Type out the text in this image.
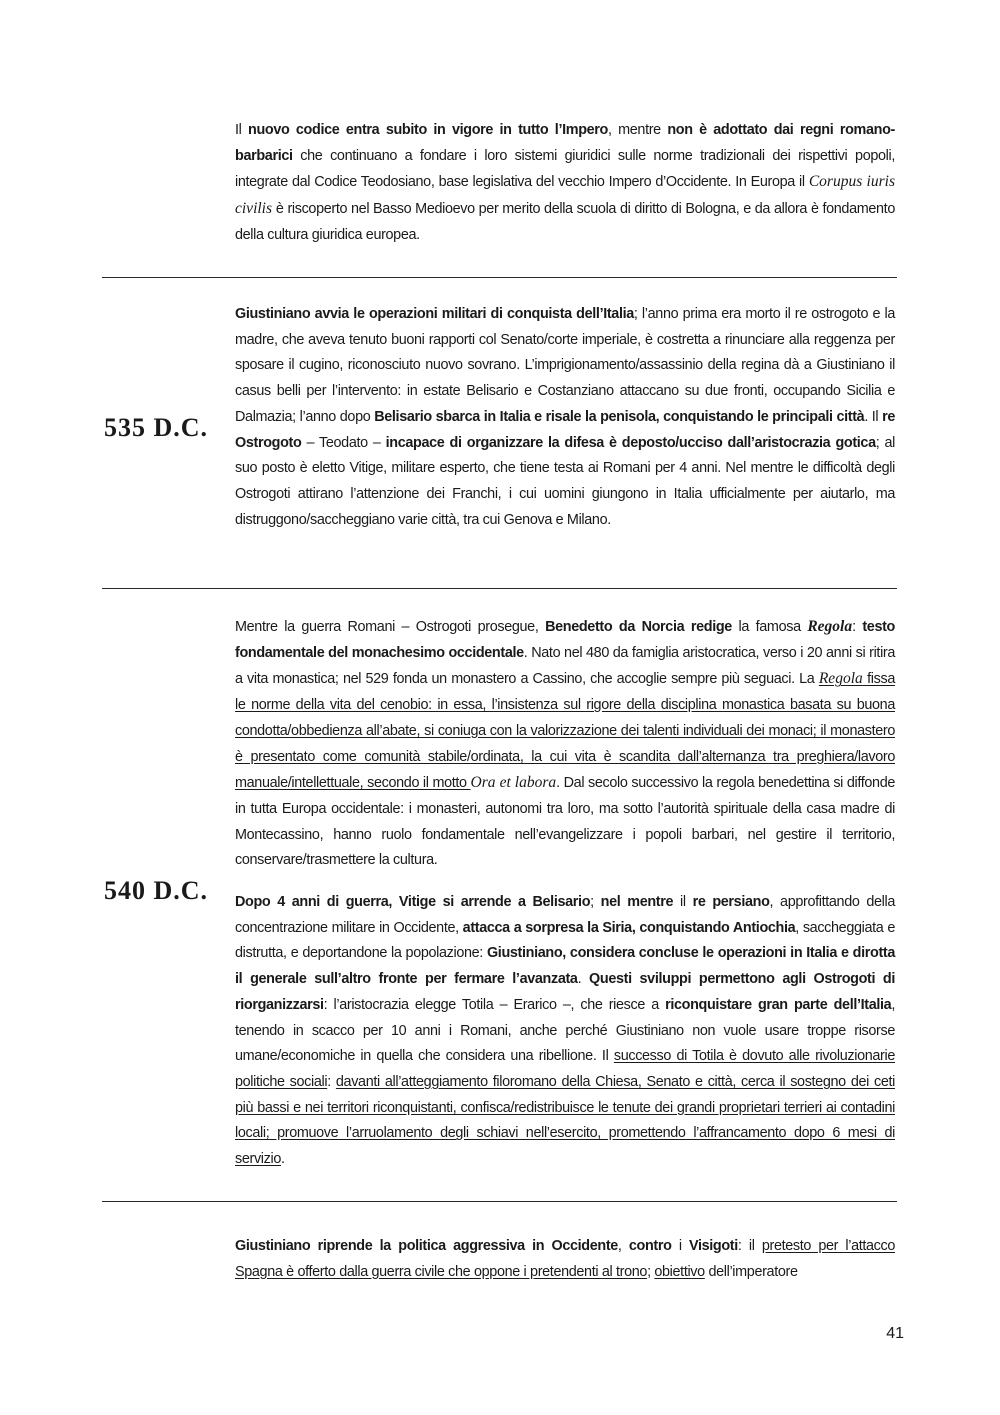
Il nuovo codice entra subito in vigore in tutto l’Impero, mentre non è adottato dai regni romano-barbarici che continuano a fondare i loro sistemi giuridici sulle norme tradizionali dei rispettivi popoli, integrate dal Codice Teodosiano, base legislativa del vecchio Impero d’Occidente. In Europa il Corupus iuris civilis è riscoperto nel Basso Medioevo per merito della scuola di diritto di Bologna, e da allora è fondamento della cultura giuridica europea.

535 D.C.

Giustiniano avvia le operazioni militari di conquista dell’Italia; l’anno prima era morto il re ostrogoto e la madre, che aveva tenuto buoni rapporti col Senato/corte imperiale, è costretta a rinunciare alla reggenza per sposare il cugino, riconosciuto nuovo sovrano. L’imprigionamento/assassinio della regina dà a Giustiniano il casus belli per l’intervento: in estate Belisario e Costanziano attaccano su due fronti, occupando Sicilia e Dalmazia; l’anno dopo Belisario sbarca in Italia e risale la penisola, conquistando le principali città. Il re Ostrogoto – Teodato – incapace di organizzare la difesa è deposto/ucciso dall’aristocrazia gotica; al suo posto è eletto Vitige, militare esperto, che tiene testa ai Romani per 4 anni. Nel mentre le difficoltà degli Ostrogoti attirano l’attenzione dei Franchi, i cui uomini giungono in Italia ufficialmente per aiutarlo, ma distruggono/saccheggiano varie città, tra cui Genova e Milano.

540 D.C.

Mentre la guerra Romani – Ostrogoti prosegue, Benedetto da Norcia redige la famosa Regola: testo fondamentale del monachesimo occidentale. Nato nel 480 da famiglia aristocratica, verso i 20 anni si ritira a vita monastica; nel 529 fonda un monastero a Cassino, che accoglie sempre più seguaci. La Regola fissa le norme della vita del cenobio: in essa, l’insistenza sul rigore della disciplina monastica basata su buona condotta/obbedienza all’abate, si coniuga con la valorizzazione dei talenti individuali dei monaci; il monastero è presentato come comunità stabile/ordinata, la cui vita è scandita dall’alternanza tra preghiera/lavoro manuale/intellettuale, secondo il motto Ora et labora. Dal secolo successivo la regola benedettina si diffonde in tutta Europa occidentale: i monasteri, autonomi tra loro, ma sotto l’autorità spirituale della casa madre di Montecassino, hanno ruolo fondamentale nell’evangelizzare i popoli barbari, nel gestire il territorio, conservare/trasmettere la cultura.

Dopo 4 anni di guerra, Vitige si arrende a Belisario; nel mentre il re persiano, approfittando della concentrazione militare in Occidente, attacca a sorpresa la Siria, conquistando Antiochia, saccheggiata e distrutta, e deportandone la popolazione: Giustiniano, considera concluse le operazioni in Italia e dirotta il generale sull’altro fronte per fermare l’avanzata. Questi sviluppi permettono agli Ostrogoti di riorganizzarsi: l’aristocrazia elegge Totila – Erarico –, che riesce a riconquistare gran parte dell’Italia, tenendo in scacco per 10 anni i Romani, anche perché Giustiniano non vuole usare troppe risorse umane/economiche in quella che considera una ribellione. Il successo di Totila è dovuto alle rivoluzionarie politiche sociali: davanti all’atteggiamento filoromano della Chiesa, Senato e città, cerca il sostegno dei ceti più bassi e nei territori riconquistanti, confisca/redistribuisce le tenute dei grandi proprietari terrieri ai contadini locali; promuove l’arruolamento degli schiavi nell’esercito, promettendo l’affrancamento dopo 6 mesi di servizio.

Giustiniano riprende la politica aggressiva in Occidente, contro i Visigoti: il pretesto per l’attacco Spagna è offerto dalla guerra civile che oppone i pretendenti al trono; obiettivo dell’imperatore

41
